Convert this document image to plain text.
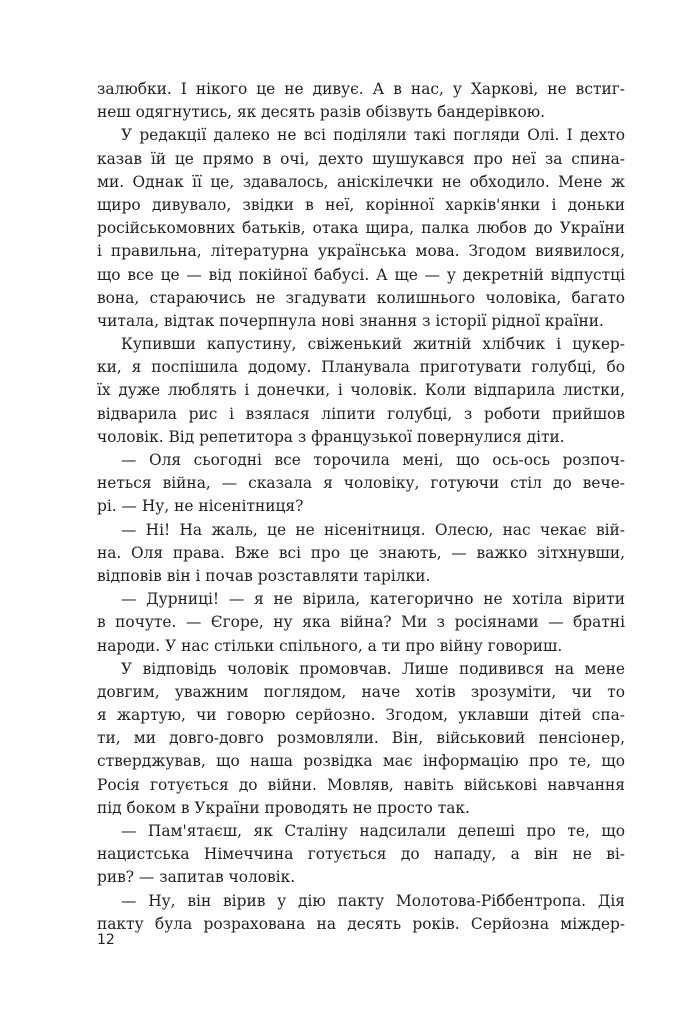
залюбки. І нікого це не дивує. А в нас, у Харкові, не встиг-
неш одягнутись, як десять разів обізвуть бандерівкою.
У редакції далеко не всі поділяли такі погляди Олі. І дехто
казав їй це прямо в очі, дехто шушукався про неї за спина-
ми. Однак її це, здавалось, аніскілечки не обходило. Мене ж
щиро дивувало, звідки в неї, корінної харків'янки і доньки
російськомовних батьків, отака щира, палка любов до України
і правильна, літературна українська мова. Згодом виявилося,
що все це — від покійної бабусі. А ще — у декретній відпустці
вона, стараючись не згадувати колишнього чоловіка, багато
читала, відтак почерпнула нові знання з історії рідної країни.
Купивши капустину, свіженький житній хлібчик і цукер-
ки, я поспішила додому. Планувала приготувати голубці, бо
їх дуже люблять і донечки, і чоловік. Коли відпарила листки,
відварила рис і взялася ліпити голубці, з роботи прийшов
чоловік. Від репетитора з французької повернулися діти.
— Оля сьогодні все торочила мені, що ось-ось розпоч-
неться війна, — сказала я чоловіку, готуючи стіл до вече-
рі. — Ну, не нісенітниця?
— Ні! На жаль, це не нісенітниця. Олесю, нас чекає вій-
на. Оля права. Вже всі про це знають, — важко зітхнувши,
відповів він і почав розставляти тарілки.
— Дурниці! — я не вірила, категорично не хотіла вірити
в почуте. — Єгоре, ну яка війна? Ми з росіянами — братні
народи. У нас стільки спільного, а ти про війну говориш.
У відповідь чоловік промовчав. Лише подивився на мене
довгим, уважним поглядом, наче хотів зрозуміти, чи то
я жартую, чи говорю серйозно. Згодом, уклавши дітей спа-
ти, ми довго-довго розмовляли. Він, військовий пенсіонер,
стверджував, що наша розвідка має інформацію про те, що
Росія готується до війни. Мовляв, навіть військові навчання
під боком в України проводять не просто так.
— Пам'ятаєш, як Сталіну надсилали депеші про те, що
нацистська Німеччина готується до нападу, а він не ві-
рив? — запитав чоловік.
— Ну, він вірив у дію пакту Молотова-Ріббентропа. Дія
пакту була розрахована на десять років. Серйозна міждер-
12
